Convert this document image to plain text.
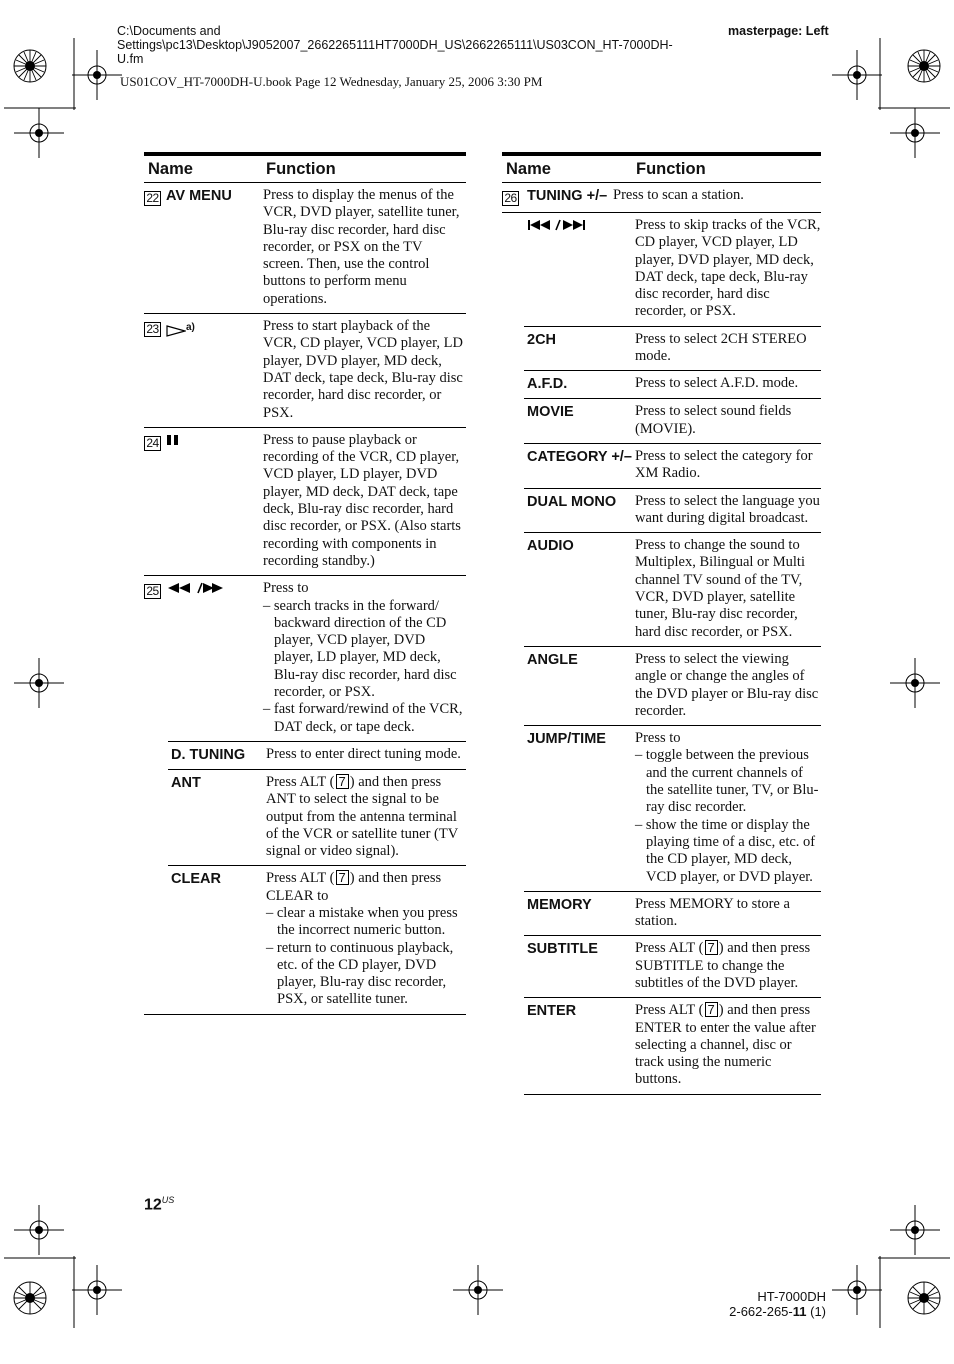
C:\Documents and Settings\pc13\Desktop\J9052007_2662265111HT7000DH_US\2662265111\US03CON_HT-7000DH-U.fm
masterpage: Left
US01COV_HT-7000DH-U.book Page 12 Wednesday, January 25, 2006 3:30 PM
Name	Function
22 AV MENU	Press to display the menus of the VCR, DVD player, satellite tuner, Blu-ray disc recorder, hard disc recorder, or PSX on the TV screen. Then, use the control buttons to perform menu operations.
23	$^{a)}$	Press to start playback of the VCR, CD player, VCD player, LD player, DVD player, MD deck, DAT deck, tape deck, Blu-ray disc recorder, hard disc recorder, or PSX.
24	Press to pause playback or recording of the VCR, CD player, VCD player, LD player, DVD player, MD deck, DAT deck, tape deck, Blu-ray disc recorder, hard disc recorder, or PSX. (Also starts recording with components in recording standby.)
25	Press to
– search tracks in the forward/ backward direction of the CD player, VCD player, DVD player, LD player, MD deck, Blu-ray disc recorder, hard disc recorder, or PSX.
– fast forward/rewind of the VCR, DAT deck, or tape deck.
D. TUNING	Press to enter direct tuning mode.
ANT	Press ALT ( 7 ) and then press ANT to select the signal to be output from the antenna terminal of the VCR or satellite tuner (TV signal or video signal).
CLEAR	Press ALT ( 7 ) and then press CLEAR to
– clear a mistake when you press the incorrect numeric button.
– return to continuous playback, etc. of the CD player, DVD player, Blu-ray disc recorder, PSX, or satellite tuner.
Name	Function
26 TUNING +/– Press to scan a station.
Press to skip tracks of the VCR, CD player, VCD player, LD player, DVD player, MD deck, DAT deck, tape deck, Blu-ray disc recorder, hard disc recorder, or PSX.
2CH	Press to select 2CH STEREO mode.
A.F.D.	Press to select A.F.D. mode.
MOVIE	Press to select sound fields (MOVIE).
CATEGORY +/– Press to select the category for XM Radio.
DUAL MONO	Press to select the language you want during digital broadcast.
AUDIO	Press to change the sound to Multiplex, Bilingual or Multi channel TV sound of the TV, VCR, DVD player, satellite tuner, Blu-ray disc recorder, hard disc recorder, or PSX.
ANGLE	Press to select the viewing angle or change the angles of the DVD player or Blu-ray disc recorder.
JUMP/TIME	Press to
– toggle between the previous and the current channels of the satellite tuner, TV, or Blu-ray disc recorder.
– show the time or display the playing time of a disc, etc. of the CD player, MD deck, VCD player, or DVD player.
MEMORY	Press MEMORY to store a station.
SUBTITLE	Press ALT ( 7 ) and then press SUBTITLE to change the subtitles of the DVD player.
ENTER	Press ALT ( 7 ) and then press ENTER to enter the value after selecting a channel, disc or track using the numeric buttons.
$12^{US}$
HT-7000DH
2-662-265-11 (1)
